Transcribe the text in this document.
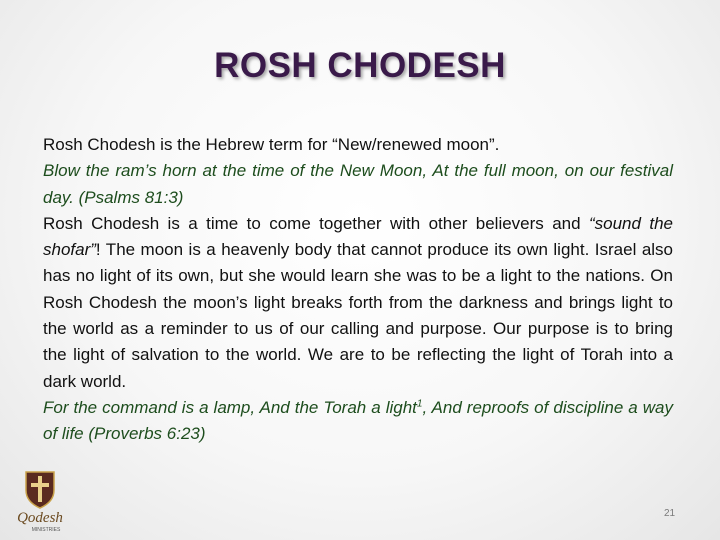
ROSH CHODESH

Rosh Chodesh is the Hebrew term for “New/renewed moon”.

Blow the ram’s horn at the time of the New Moon, At the full moon, on our festival day. (Psalms 81:3)

Rosh Chodesh is a time to come together with other believers and “sound the shofar”! The moon is a heavenly body that cannot produce its own light. Israel also has no light of its own, but she would learn she was to be a light to the nations. On Rosh Chodesh the moon’s light breaks forth from the darkness and brings light to the world as a reminder to us of our calling and purpose. Our purpose is to bring the light of salvation to the world. We are to be reflecting the light of Torah into a dark world.

For the command is a lamp, And the Torah a light$^1$, And reproofs of discipline a way of life (Proverbs 6:23)

Qodesh
MINISTRIES
21
